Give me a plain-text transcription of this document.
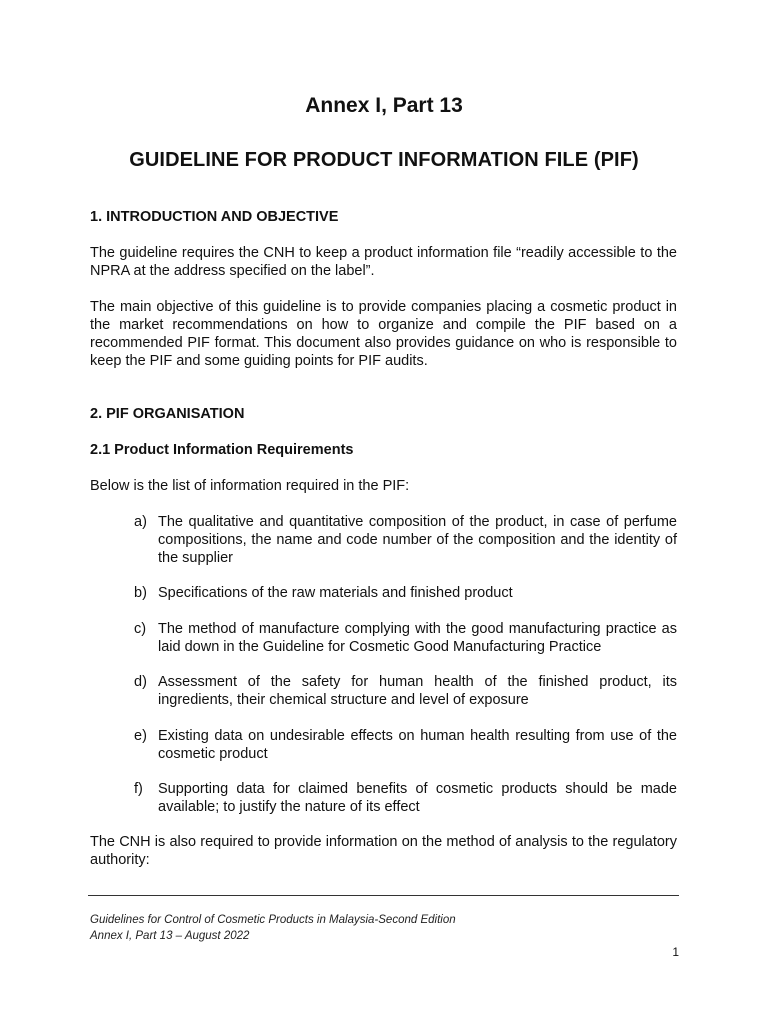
Annex I, Part 13
GUIDELINE FOR PRODUCT INFORMATION FILE (PIF)
1. INTRODUCTION AND OBJECTIVE
The guideline requires the CNH to keep a product information file “readily accessible to the NPRA at the address specified on the label”.
The main objective of this guideline is to provide companies placing a cosmetic product in the market recommendations on how to organize and compile the PIF based on a recommended PIF format. This document also provides guidance on who is responsible to keep the PIF and some guiding points for PIF audits.
2. PIF ORGANISATION
2.1 Product Information Requirements
Below is the list of information required in the PIF:
a) The qualitative and quantitative composition of the product, in case of perfume compositions, the name and code number of the composition and the identity of the supplier
b) Specifications of the raw materials and finished product
c) The method of manufacture complying with the good manufacturing practice as laid down in the Guideline for Cosmetic Good Manufacturing Practice
d) Assessment of the safety for human health of the finished product, its ingredients, their chemical structure and level of exposure
e) Existing data on undesirable effects on human health resulting from use of the cosmetic product
f)	Supporting data for claimed benefits of cosmetic products should be made available; to justify the nature of its effect
The CNH is also required to provide information on the method of analysis to the regulatory authority:
Guidelines for Control of Cosmetic Products in Malaysia-Second Edition
Annex I, Part 13 – August 2022
1
